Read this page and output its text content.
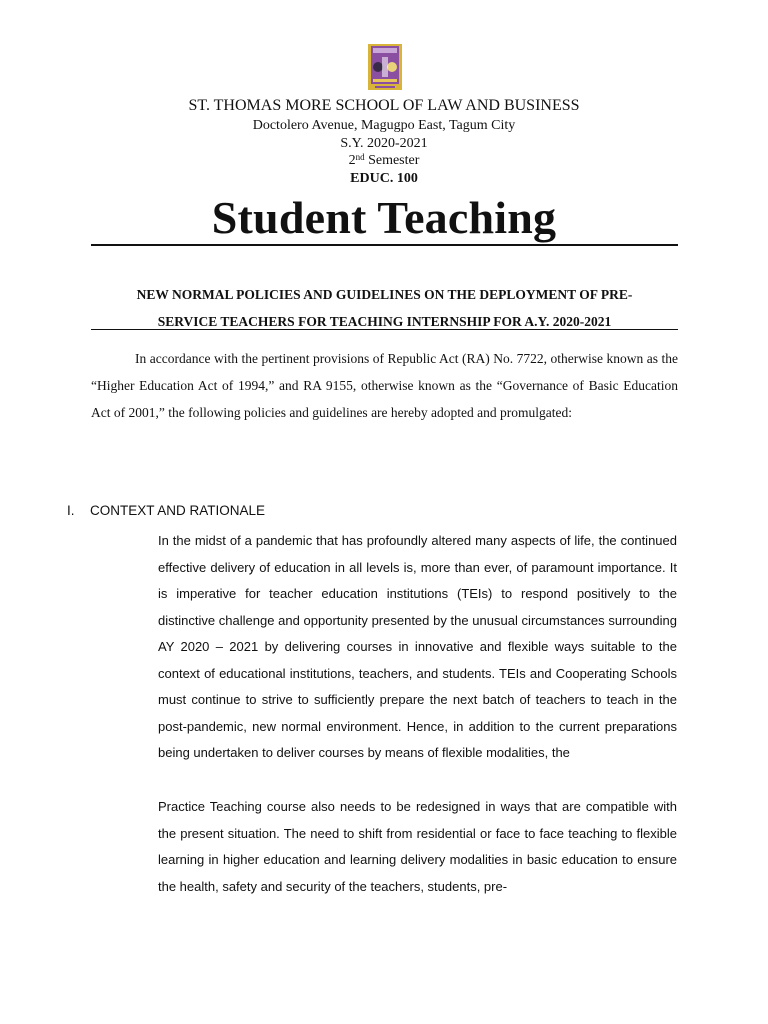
ST. THOMAS MORE SCHOOL OF LAW AND BUSINESS
Doctolero Avenue, Magugpo East, Tagum City
S.Y. 2020-2021
2nd Semester
EDUC. 100
Student Teaching
NEW NORMAL POLICIES AND GUIDELINES ON THE DEPLOYMENT OF PRE-
SERVICE TEACHERS FOR TEACHING INTERNSHIP FOR A.Y. 2020-2021

In accordance with the pertinent provisions of Republic Act (RA) No. 7722, otherwise known as the “Higher Education Act of 1994,” and RA 9155, otherwise known as the “Governance of Basic Education Act of 2001,” the following policies and guidelines are hereby adopted and promulgated:

I. CONTEXT AND RATIONALE

In the midst of a pandemic that has profoundly altered many aspects of life, the continued effective delivery of education in all levels is, more than ever, of paramount importance. It is imperative for teacher education institutions (TEIs) to respond positively to the distinctive challenge and opportunity presented by the unusual circumstances surrounding AY 2020 – 2021 by delivering courses in innovative and flexible ways suitable to the context of educational institutions, teachers, and students. TEIs and Cooperating Schools must continue to strive to sufficiently prepare the next batch of teachers to teach in the post-pandemic, new normal environment. Hence, in addition to the current preparations being undertaken to deliver courses by means of flexible modalities, the

Practice Teaching course also needs to be redesigned in ways that are compatible with the present situation. The need to shift from residential or face to face teaching to flexible learning in higher education and learning delivery modalities in basic education to ensure the health, safety and security of the teachers, students, pre-
